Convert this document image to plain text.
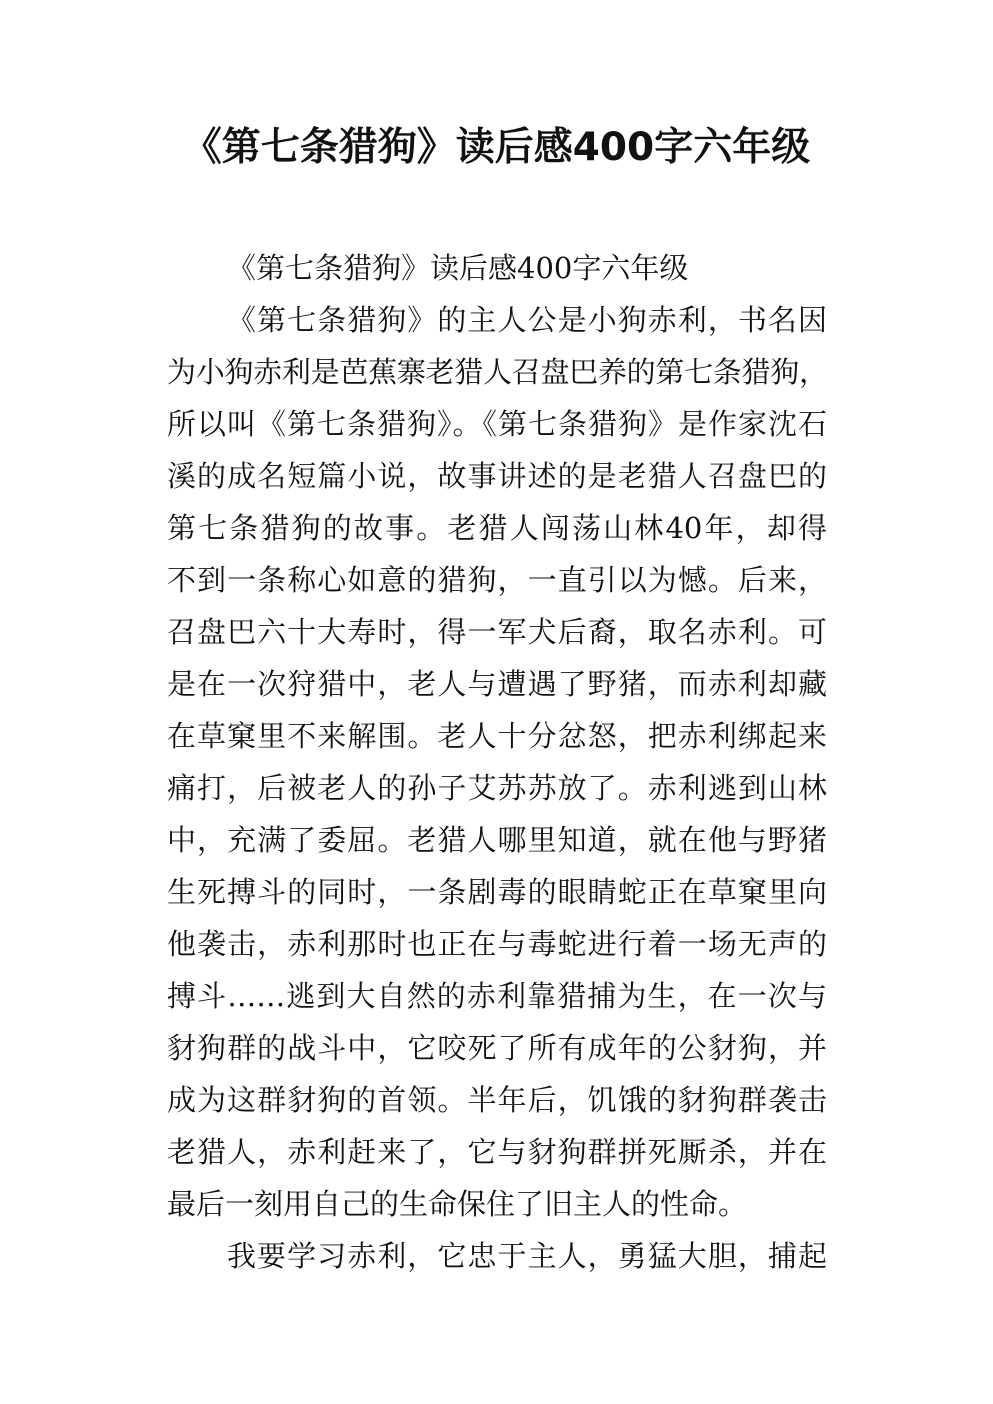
《第七条猎狗》读后感400字六年级
《第七条猎狗》读后感400字六年级
《第七条猎狗》的主人公是小狗赤利，书名因
为小狗赤利是芭蕉寨老猎人召盘巴养的第七条猎狗，
所以叫《第七条猎狗》。《第七条猎狗》是作家沈石
溪的成名短篇小说，故事讲述的是老猎人召盘巴的
第七条猎狗的故事。老猎人闯荡山林40年，却得
不到一条称心如意的猎狗，一直引以为憾。后来，
召盘巴六十大寿时，得一军犬后裔，取名赤利。可
是在一次狩猎中，老人与遭遇了野猪，而赤利却藏
在草窠里不来解围。老人十分忿怒，把赤利绑起来
痛打，后被老人的孙子艾苏苏放了。赤利逃到山林
中，充满了委屈。老猎人哪里知道，就在他与野猪
生死搏斗的同时，一条剧毒的眼睛蛇正在草窠里向
他袭击，赤利那时也正在与毒蛇进行着一场无声的
搏斗……逃到大自然的赤利靠猎捕为生，在一次与
豺狗群的战斗中，它咬死了所有成年的公豺狗，并
成为这群豺狗的首领。半年后，饥饿的豺狗群袭击
老猎人，赤利赶来了，它与豺狗群拼死厮杀，并在
最后一刻用自己的生命保住了旧主人的性命。
我要学习赤利，它忠于主人，勇猛大胆，捕起
